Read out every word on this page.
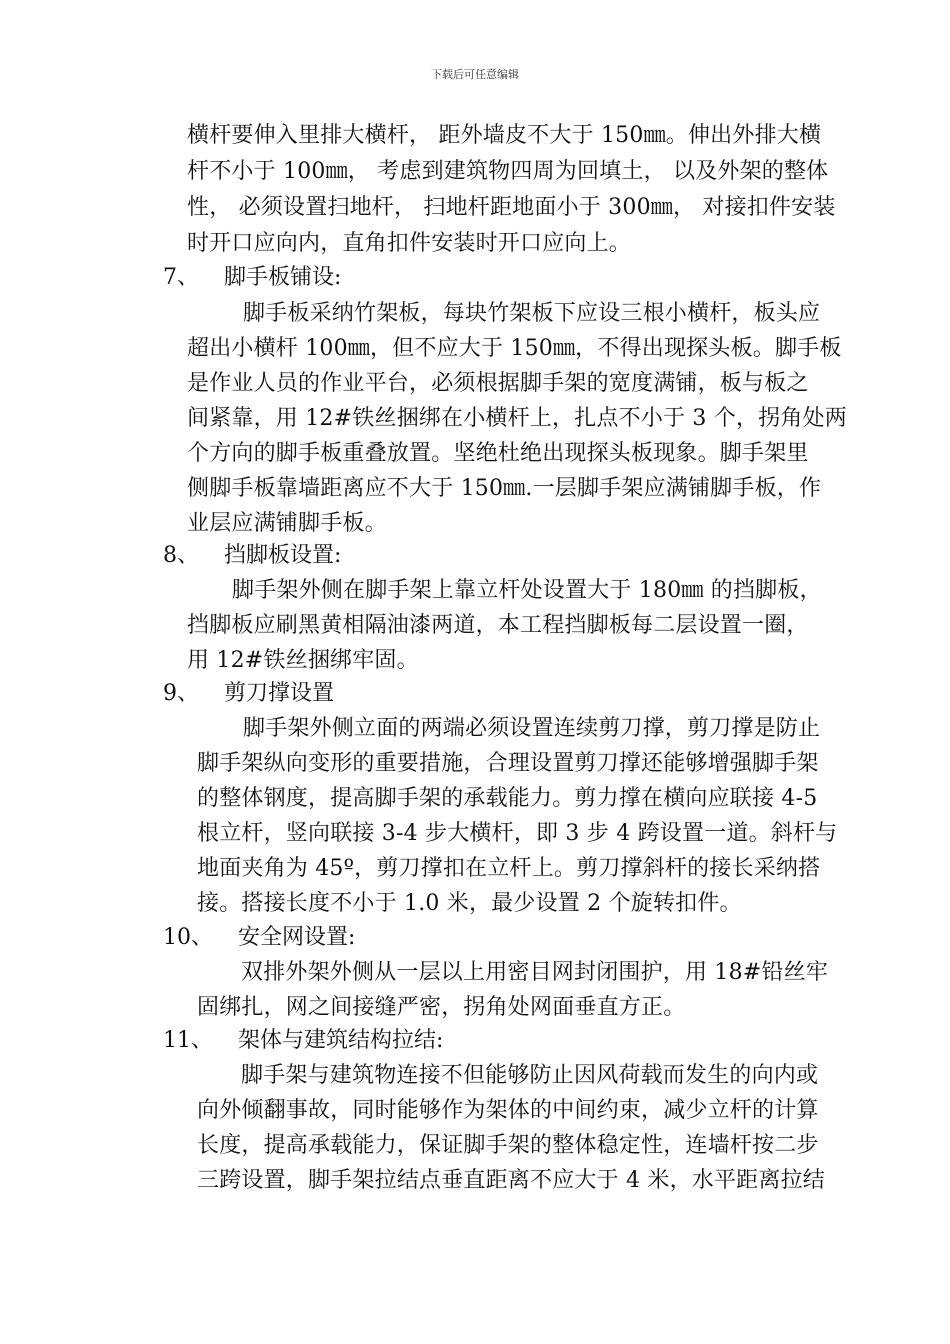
下载后可任意编辑
横杆要伸入里排大横杆， 距外墙皮不大于 150㎜。伸出外排大横
杆不小于 100㎜， 考虑到建筑物四周为回填土， 以及外架的整体
性， 必须设置扫地杆， 扫地杆距地面小于 300㎜， 对接扣件安装
时开口应向内，直角扣件安装时开口应向上。
7、 脚手板铺设:
脚手板采纳竹架板，每块竹架板下应设三根小横杆，板头应
超出小横杆 100㎜，但不应大于 150㎜，不得出现探头板。脚手板
是作业人员的作业平台，必须根据脚手架的宽度满铺，板与板之
间紧靠，用 12#铁丝捆绑在小横杆上，扎点不小于 3 个，拐角处两
个方向的脚手板重叠放置。坚绝杜绝出现探头板现象。脚手架里
侧脚手板靠墙距离应不大于 150㎜.一层脚手架应满铺脚手板，作
业层应满铺脚手板。
8、 挡脚板设置:
脚手架外侧在脚手架上靠立杆处设置大于 180㎜ 的挡脚板，
挡脚板应刷黑黄相隔油漆两道，本工程挡脚板每二层设置一圈，
用 12#铁丝捆绑牢固。
9、 剪刀撑设置
脚手架外侧立面的两端必须设置连续剪刀撑，剪刀撑是防止
脚手架纵向变形的重要措施，合理设置剪刀撑还能够增强脚手架
的整体钢度，提高脚手架的承载能力。剪力撑在横向应联接 4-5
根立杆，竖向联接 3-4 步大横杆，即 3 步 4 跨设置一道。斜杆与
地面夹角为 45º，剪刀撑扣在立杆上。剪刀撑斜杆的接长采纳搭
接。搭接长度不小于 1.0 米，最少设置 2 个旋转扣件。
10、 安全网设置:
双排外架外侧从一层以上用密目网封闭围护，用 18#铅丝牢
固绑扎，网之间接缝严密，拐角处网面垂直方正。
11、 架体与建筑结构拉结:
脚手架与建筑物连接不但能够防止因风荷载而发生的向内或
向外倾翻事故，同时能够作为架体的中间约束，减少立杆的计算
长度，提高承载能力，保证脚手架的整体稳定性，连墙杆按二步
三跨设置，脚手架拉结点垂直距离不应大于 4 米，水平距离拉结
